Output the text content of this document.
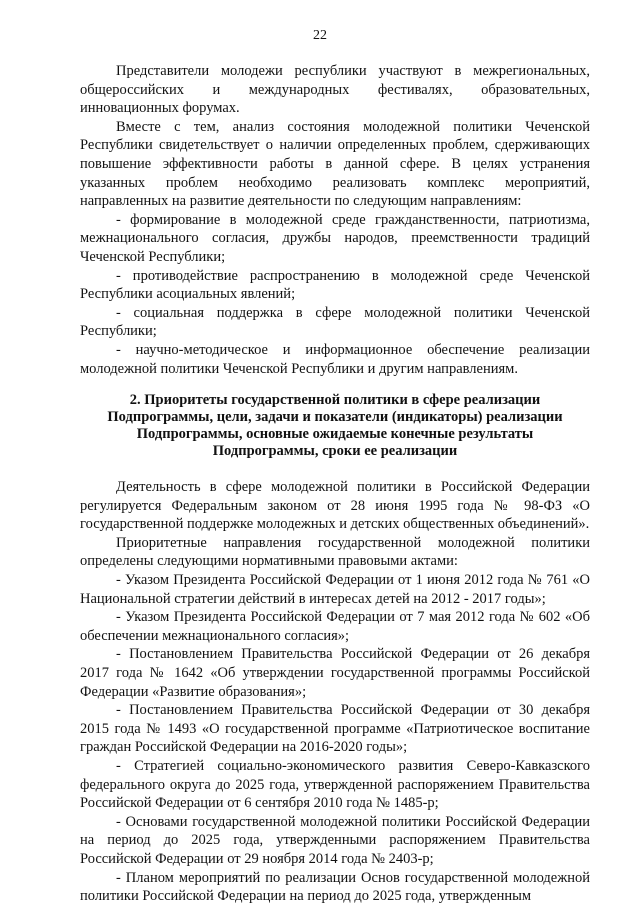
22

Представители молодежи республики участвуют в межрегиональных, общероссийских и международных фестивалях, образовательных, инновационных форумах.

Вместе с тем, анализ состояния молодежной политики Чеченской Республики свидетельствует о наличии определенных проблем, сдерживающих повышение эффективности работы в данной сфере. В целях устранения указанных проблем необходимо реализовать комплекс мероприятий, направленных на развитие деятельности по следующим направлениям:

- формирование в молодежной среде гражданственности, патриотизма, межнационального согласия, дружбы народов, преемственности традиций Чеченской Республики;

- противодействие распространению в молодежной среде Чеченской Республики асоциальных явлений;

- социальная поддержка в сфере молодежной политики Чеченской Республики;

- научно-методическое и информационное обеспечение реализации молодежной политики Чеченской Республики и другим направлениям.

2. Приоритеты государственной политики в сфере реализации
Подпрограммы, цели, задачи и показатели (индикаторы) реализации
Подпрограммы, основные ожидаемые конечные результаты
Подпрограммы, сроки ее реализации

Деятельность в сфере молодежной политики в Российской Федерации регулируется Федеральным законом от 28 июня 1995 года № 98-ФЗ «О государственной поддержке молодежных и детских общественных объединений».

Приоритетные направления государственной молодежной политики определены следующими нормативными правовыми актами:

- Указом Президента Российской Федерации от 1 июня 2012 года № 761 «О Национальной стратегии действий в интересах детей на 2012 - 2017 годы»;

- Указом Президента Российской Федерации от 7 мая 2012 года № 602 «Об обеспечении межнационального согласия»;

- Постановлением Правительства Российской Федерации от 26 декабря 2017 года № 1642 «Об утверждении государственной программы Российской Федерации «Развитие образования»;

- Постановлением Правительства Российской Федерации от 30 декабря 2015 года № 1493 «О государственной программе «Патриотическое воспитание граждан Российской Федерации на 2016-2020 годы»;

- Стратегией социально-экономического развития Северо-Кавказского федерального округа до 2025 года, утвержденной распоряжением Правительства Российской Федерации от 6 сентября 2010 года № 1485-р;

- Основами государственной молодежной политики Российской Федерации на период до 2025 года, утвержденными распоряжением Правительства Российской Федерации от 29 ноября 2014 года № 2403-р;

- Планом мероприятий по реализации Основ государственной молодежной политики Российской Федерации на период до 2025 года, утвержденным
